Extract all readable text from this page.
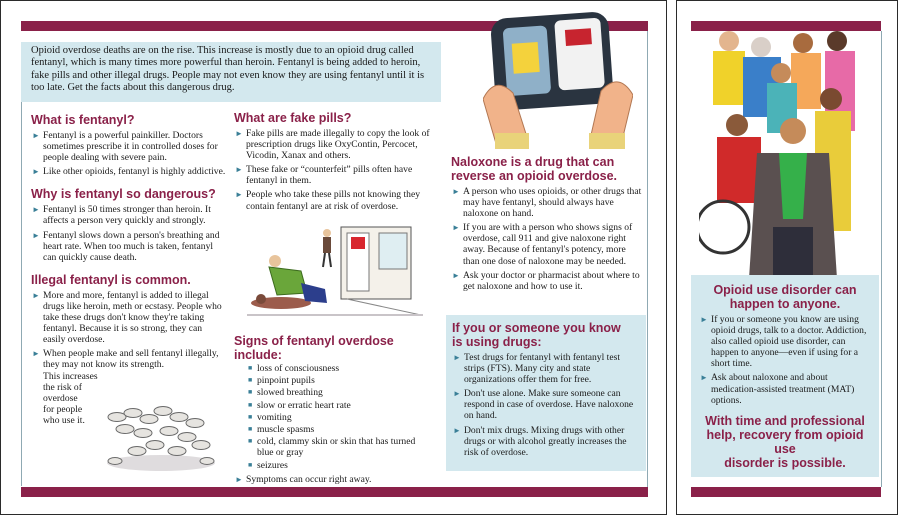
Opioid overdose deaths are on the rise. This increase is mostly due to an opioid drug called fentanyl, which is many times more powerful than heroin. Fentanyl is being added to heroin, fake pills and other illegal drugs. People may not even know they are using fentanyl until it is too late. Get the facts about this dangerous drug.
What is fentanyl?
► Fentanyl is a powerful painkiller. Doctors sometimes prescribe it in controlled doses for people dealing with severe pain.
► Like other opioids, fentanyl is highly addictive.
Why is fentanyl so dangerous?
► Fentanyl is 50 times stronger than heroin. It affects a person very quickly and strongly.
► Fentanyl slows down a person's breathing and heart rate. When too much is taken, fentanyl can quickly cause death.
Illegal fentanyl is common.
► More and more, fentanyl is added to illegal drugs like heroin, meth or ecstasy. People who take these drugs don't know they're taking fentanyl. Because it is so strong, they can easily overdose.
► When people make and sell fentanyl illegally, they may not know its strength.
This increases
the risk of
overdose
for people
who use it.
What are fake pills?
► Fake pills are made illegally to copy the look of prescription drugs like OxyContin, Percocet, Vicodin, Xanax and others.
► These fake or “counterfeit” pills often have fentanyl in them.
► People who take these pills not knowing they contain fentanyl are at risk of overdose.
Signs of fentanyl overdose include:
■ loss of consciousness
■ pinpoint pupils
■ slowed breathing
■ slow or erratic heart rate
■ vomiting
■ muscle spasms
■ cold, clammy skin or skin that has turned blue or gray
■ seizures
► Symptoms can occur right away.
Naloxone is a drug that can
reverse an opioid overdose.
► A person who uses opioids, or other drugs that may have fentanyl, should always have naloxone on hand.
► If you are with a person who shows signs of overdose, call 911 and give naloxone right away. Because of fentanyl's potency, more than one dose of naloxone may be needed.
► Ask your doctor or pharmacist about where to get naloxone and how to use it.
If you or someone you know
is using drugs:
► Test drugs for fentanyl with fentanyl test strips (FTS). Many city and state organizations offer them for free.
► Don't use alone. Make sure someone can respond in case of overdose. Have naloxone on hand.
► Don't mix drugs. Mixing drugs with other drugs or with alcohol greatly increases the risk of overdose.
Opioid use disorder can
happen to anyone.
► If you or someone you know are using opioid drugs, talk to a doctor. Addiction, also called opioid use disorder, can happen to anyone—even if using for a short time.
► Ask about naloxone and about medication-assisted treatment (MAT) options.
With time and professional
help, recovery from opioid use
disorder is possible.
